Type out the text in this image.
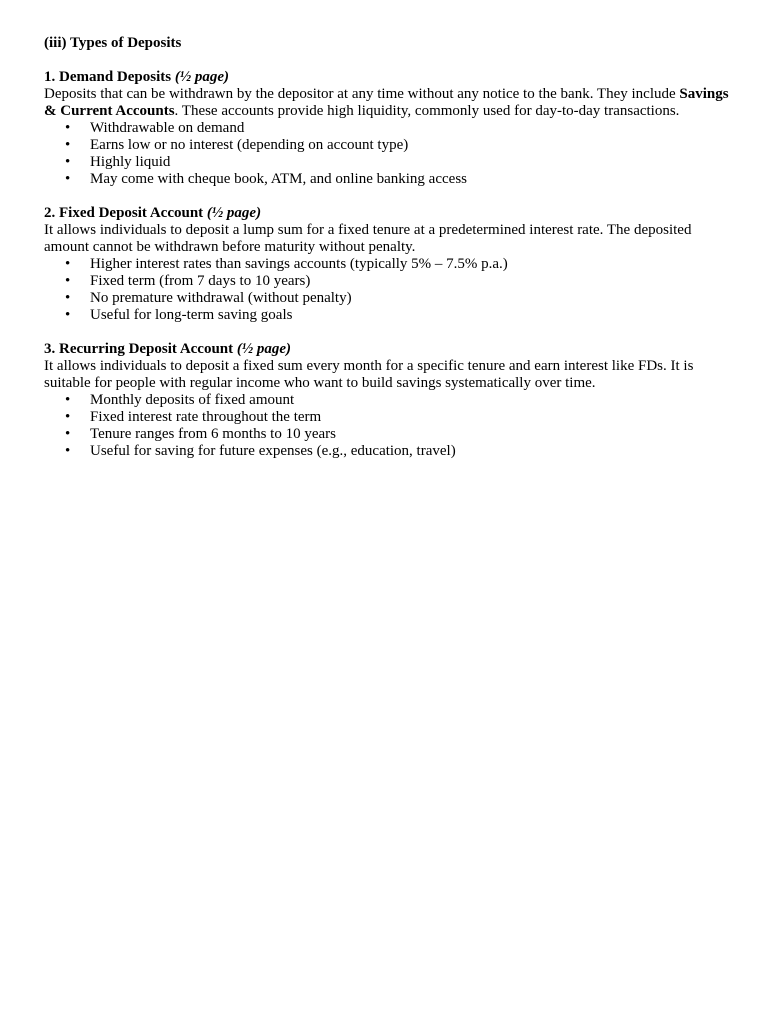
(iii) Types of Deposits
1. Demand Deposits (½ page)

Deposits that can be withdrawn by the depositor at any time without any notice to the bank. They include Savings & Current Accounts. These accounts provide high liquidity, commonly used for day-to-day transactions.

• Withdrawable on demand
• Earns low or no interest (depending on account type)
• Highly liquid
• May come with cheque book, ATM, and online banking access
2. Fixed Deposit Account (½ page)

It allows individuals to deposit a lump sum for a fixed tenure at a predetermined interest rate. The deposited amount cannot be withdrawn before maturity without penalty.

• Higher interest rates than savings accounts (typically 5% – 7.5% p.a.)
• Fixed term (from 7 days to 10 years)
• No premature withdrawal (without penalty)
• Useful for long-term saving goals
3. Recurring Deposit Account (½ page)

It allows individuals to deposit a fixed sum every month for a specific tenure and earn interest like FDs. It is suitable for people with regular income who want to build savings systematically over time.

• Monthly deposits of fixed amount
• Fixed interest rate throughout the term
• Tenure ranges from 6 months to 10 years
• Useful for saving for future expenses (e.g., education, travel)
